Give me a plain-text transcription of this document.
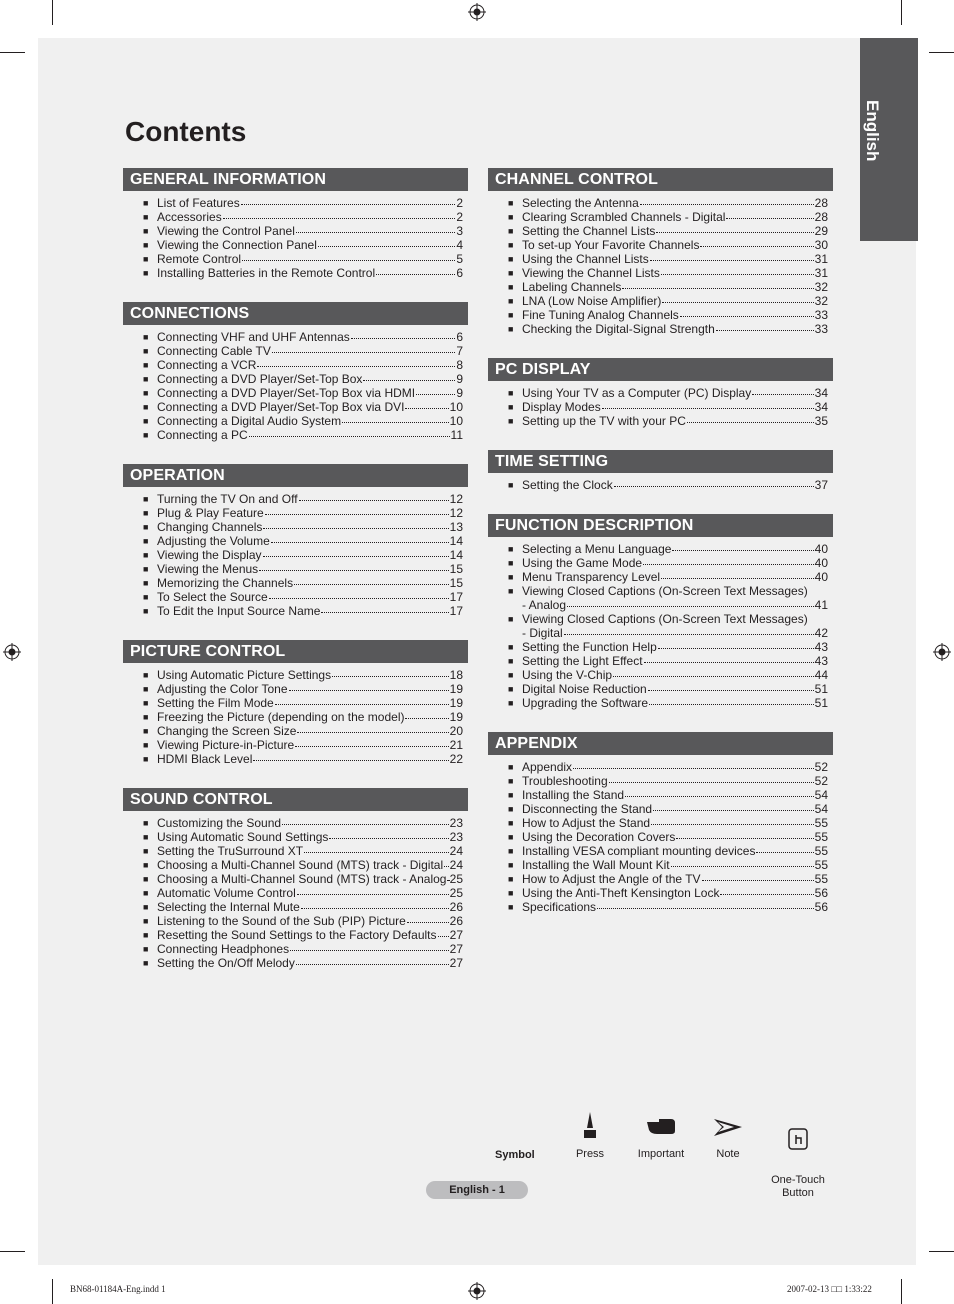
English
Contents
GENERAL INFORMATION
■ List of Features	2
■ Accessories	2
■ Viewing the Control Panel	3
■ Viewing the Connection Panel	4
■ Remote Control	5
■ Installing Batteries in the Remote Control	6
CONNECTIONS
■ Connecting VHF and UHF Antennas	6
■ Connecting Cable TV	7
■ Connecting a VCR	8
■ Connecting a DVD Player/Set-Top Box	9
■ Connecting a DVD Player/Set-Top Box via HDMI	9
■ Connecting a DVD Player/Set-Top Box via DVI	10
■ Connecting a Digital Audio System	10
■ Connecting a PC	11
OPERATION
■ Turning the TV On and Off	12
■ Plug & Play Feature	12
■ Changing Channels	13
■ Adjusting the Volume	14
■ Viewing the Display	14
■ Viewing the Menus	15
■ Memorizing the Channels	15
■ To Select the Source	17
■ To Edit the Input Source Name	17
PICTURE CONTROL
■ Using Automatic Picture Settings	18
■ Adjusting the Color Tone	19
■ Setting the Film Mode	19
■ Freezing the Picture (depending on the model)	19
■ Changing the Screen Size	20
■ Viewing Picture-in-Picture	21
■ HDMI Black Level	22
SOUND CONTROL
■ Customizing the Sound	23
■ Using Automatic Sound Settings	23
■ Setting the TruSurround XT	24
■ Choosing a Multi-Channel Sound (MTS) track - Digital 24
■ Choosing a Multi-Channel Sound (MTS) track - Analog 25
■ Automatic Volume Control	25
■ Selecting the Internal Mute	26
■ Listening to the Sound of the Sub (PIP) Picture	26
■ Resetting the Sound Settings to the Factory Defaults 27
■ Connecting Headphones	27
■ Setting the On/Off Melody	27
CHANNEL CONTROL
■ Selecting the Antenna	28
■ Clearing Scrambled Channels - Digital	28
■ Setting the Channel Lists	29
■ To set-up Your Favorite Channels	30
■ Using the Channel Lists	31
■ Viewing the Channel Lists	31
■ Labeling Channels	32
■ LNA (Low Noise Amplifier)	32
■ Fine Tuning Analog Channels	33
■ Checking the Digital-Signal Strength	33
PC DISPLAY
■ Using Your TV as a Computer (PC) Display	34
■ Display Modes	34
■ Setting up the TV with your PC	35
TIME SETTING
■ Setting the Clock	37
FUNCTION DESCRIPTION
■ Selecting a Menu Language	40
■ Using the Game Mode	40
■ Menu Transparency Level	40
■ Viewing Closed Captions (On-Screen Text Messages)
- Analog	41
■ Viewing Closed Captions (On-Screen Text Messages)
- Digital	42
■ Setting the Function Help	43
■ Setting the Light Effect	43
■ Using the V-Chip	44
■ Digital Noise Reduction	51
■ Upgrading the Software	51
APPENDIX
■ Appendix	52
■ Troubleshooting	52
■ Installing the Stand	54
■ Disconnecting the Stand	54
■ How to Adjust the Stand	55
■ Using the Decoration Covers	55
■ Installing VESA compliant mounting devices	55
■ Installing the Wall Mount Kit	55
■ How to Adjust the Angle of the TV	55
■ Using the Anti-Theft Kensington Lock	56
■ Specifications	56
Symbol	Press	Important	Note

One-Touch
Button

English - 1
BN68-01184A-Eng.indd 1	2007-02-13 □□ 1:33:22
